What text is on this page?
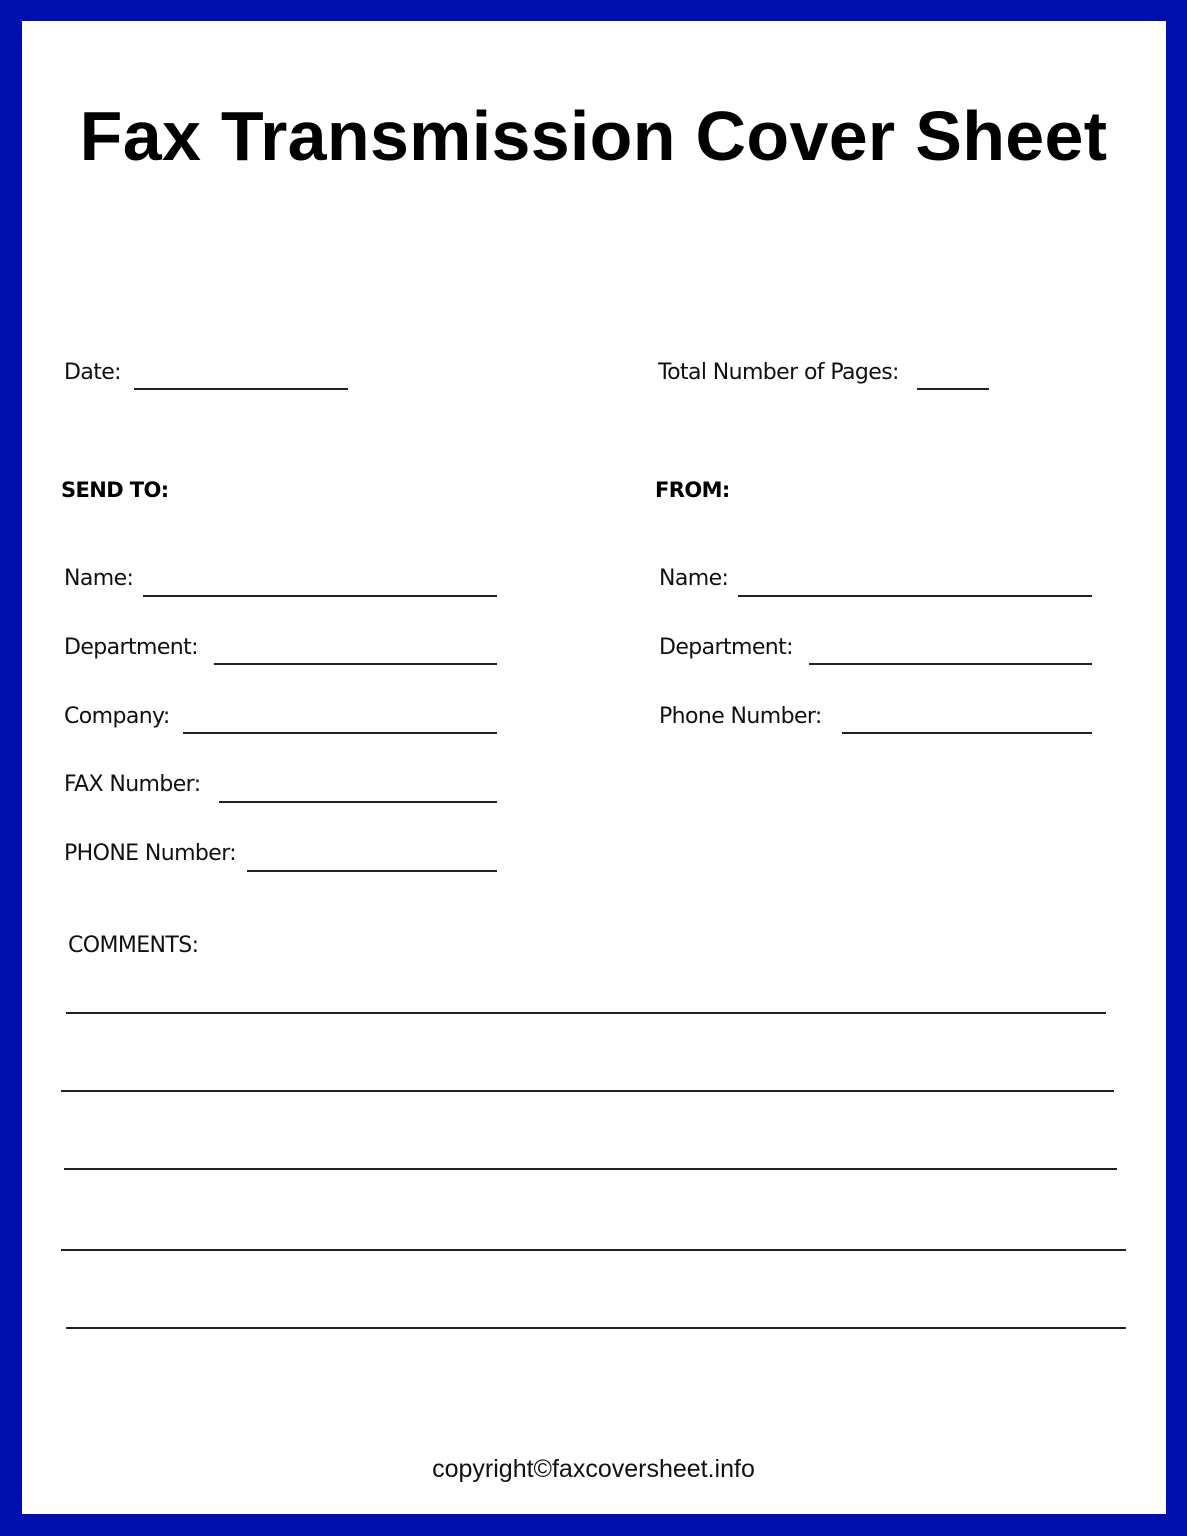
Fax Transmission Cover Sheet
Date:	Total Number of Pages:
SEND TO:	FROM:
Name:
Department:
Company:
FAX Number:
PHONE Number:
Name:
Department:
Phone Number:
COMMENTS:
copyright©faxcoversheet.info
